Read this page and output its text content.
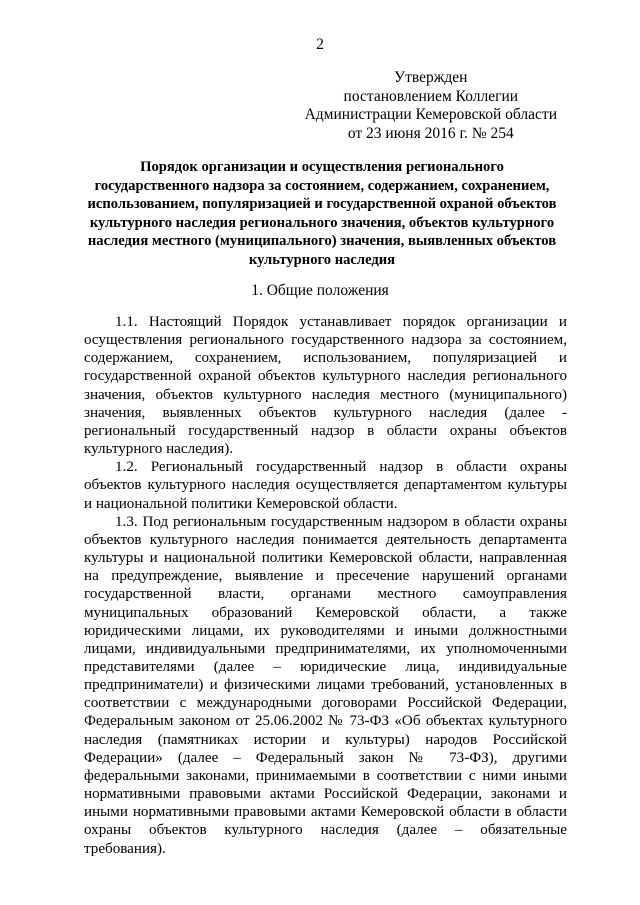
2
Утвержден
постановлением Коллегии
Администрации Кемеровской области
от 23 июня 2016 г. № 254
Порядок организации и осуществления регионального государственного надзора за состоянием, содержанием, сохранением, использованием, популяризацией и государственной охраной объектов культурного наследия регионального значения, объектов культурного наследия местного (муниципального) значения, выявленных объектов культурного наследия
1. Общие положения

1.1. Настоящий Порядок устанавливает порядок организации и осуществления регионального государственного надзора за состоянием, содержанием, сохранением, использованием, популяризацией и государственной охраной объектов культурного наследия регионального значения, объектов культурного наследия местного (муниципального) значения, выявленных объектов культурного наследия (далее - региональный государственный надзор в области охраны объектов культурного наследия).

1.2. Региональный государственный надзор в области охраны объектов культурного наследия осуществляется департаментом культуры и национальной политики Кемеровской области.

1.3. Под региональным государственным надзором в области охраны объектов культурного наследия понимается деятельность департамента культуры и национальной политики Кемеровской области, направленная на предупреждение, выявление и пресечение нарушений органами государственной власти, органами местного самоуправления муниципальных образований Кемеровской области, а также юридическими лицами, их руководителями и иными должностными лицами, индивидуальными предпринимателями, их уполномоченными представителями (далее – юридические лица, индивидуальные предприниматели) и физическими лицами требований, установленных в соответствии с международными договорами Российской Федерации, Федеральным законом от 25.06.2002 № 73-ФЗ «Об объектах культурного наследия (памятниках истории и культуры) народов Российской Федерации» (далее – Федеральный закон № 73-ФЗ), другими федеральными законами, принимаемыми в соответствии с ними иными нормативными правовыми актами Российской Федерации, законами и иными нормативными правовыми актами Кемеровской области в области охраны объектов культурного наследия (далее – обязательные требования).
